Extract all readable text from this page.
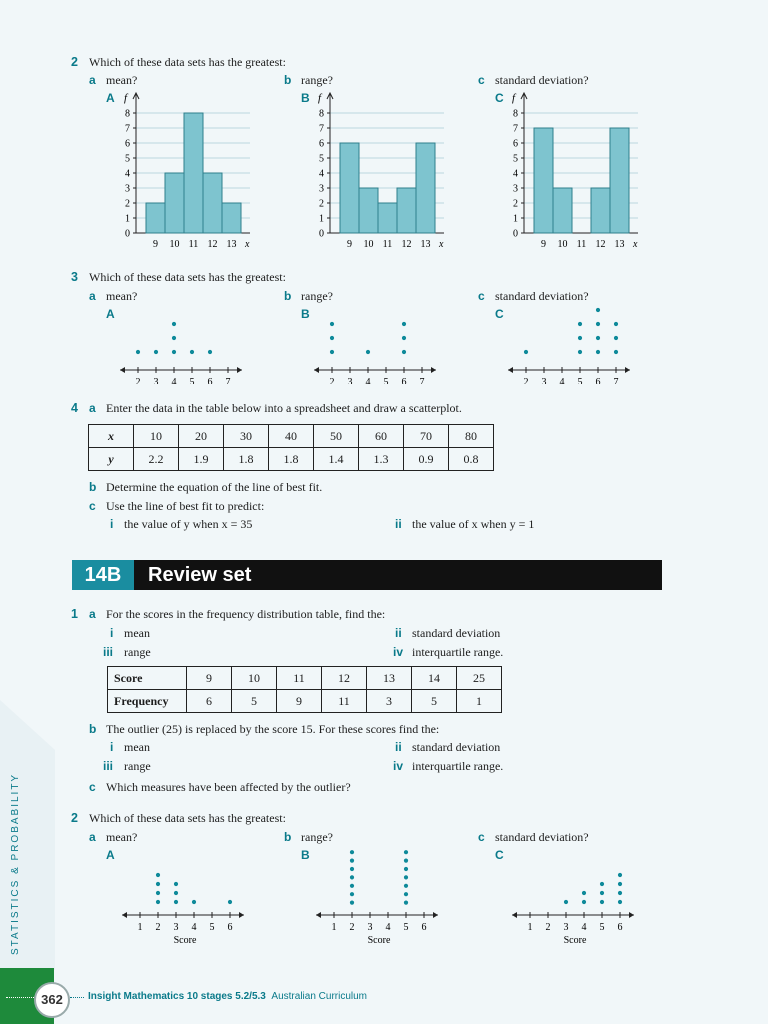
2 Which of these data sets has the greatest:
a mean?	b range?	c standard deviation?
A	B	C
0
1
2
3
4
5
6
7
8
f
9 10 11 12 13 x
0
1
2
3
4
5
6
7
8
f
9 10 11 12 13 x
0
1
2
3
4
5
6
7
8
f
9 10 11 12 13 x
3 Which of these data sets has the greatest:
a mean?	b range?	c standard deviation?
A	B	C
2 3 4 5 6 7	2 3 4 5 6 7	2 3 4 5 6 7
4 a Enter the data in the table below into a spreadsheet and draw a scatterplot.
x	10	20	30	40	50	60	70	80
y	2.2	1.9	1.8	1.8	1.4	1.3	0.9	0.8
b Determine the equation of the line of best fit.
c Use the line of best fit to predict:
i the value of y when x = 35	ii the value of x when y = 1
14B	Review set
1 a For the scores in the frequency distribution table, find the:
i mean	ii standard deviation
iii range	iv interquartile range.
Score	9	10	11	12	13	14	25
Frequency	6	5	9	11	3	5	1
b The outlier (25) is replaced by the score 15. For these scores find the:
i mean	ii standard deviation
iii range	iv interquartile range.
c Which measures have been affected by the outlier?
2 Which of these data sets has the greatest:
a mean?	b range?	c standard deviation?
A	B	C
1 2 3 4 5 6
Score
1 2 3 4 5 6
Score
1 2 3 4 5 6
Score
STATISTICS & PROBABILITY
362	Insight Mathematics 10 stages 5.2/5.3 Australian Curriculum
